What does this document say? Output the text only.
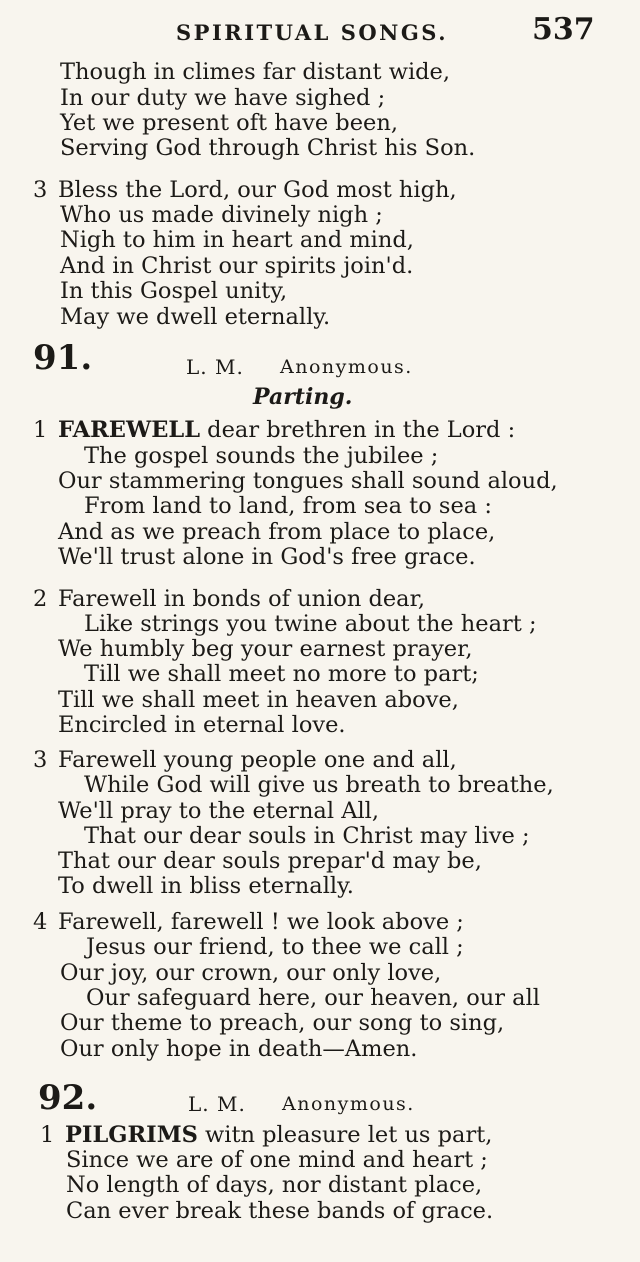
SPIRITUAL SONGS.	537
Though in climes far distant wide,
In our duty we have sighed ;
Yet we present oft have been,
Serving God through Christ his Son.
3 Bless the Lord, our God most high,
Who us made divinely nigh ;
Nigh to him in heart and mind,
And in Christ our spirits join'd.
In this Gospel unity,
May we dwell eternally.
91.	L. M. Anonymous.
Parting.
1 FAREWELL dear brethren in the Lord :
The gospel sounds the jubilee ;
Our stammering tongues shall sound aloud,
From land to land, from sea to sea :
And as we preach from place to place,
We'll trust alone in God's free grace.
2 Farewell in bonds of union dear,
Like strings you twine about the heart ;
We humbly beg your earnest prayer,
Till we shall meet no more to part;
Till we shall meet in heaven above,
Encircled in eternal love.
3 Farewell young people one and all,
While God will give us breath to breathe,
We'll pray to the eternal All,
That our dear souls in Christ may live ;
That our dear souls prepar'd may be,
To dwell in bliss eternally.
4 Farewell, farewell ! we look above ;
Jesus our friend, to thee we call ;
Our joy, our crown, our only love,
Our safeguard here, our heaven, our all
Our theme to preach, our song to sing,
Our only hope in death—Amen.
92.	L. M. Anonymous.
1 PILGRIMS witn pleasure let us part,
Since we are of one mind and heart ;
No length of days, nor distant place,
Can ever break these bands of grace.
